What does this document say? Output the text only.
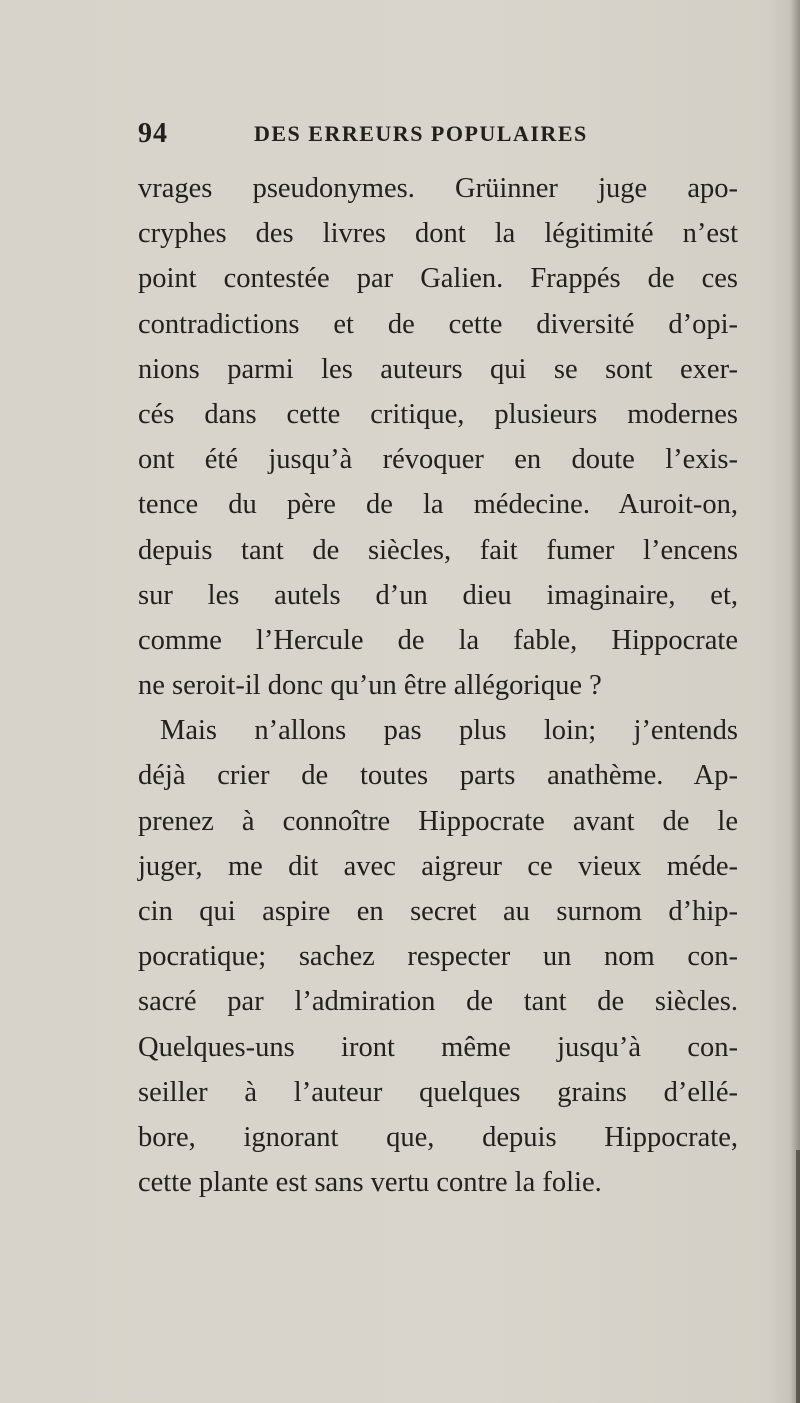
94	DES ERREURS POPULAIRES
vrages pseudonymes. Grüinner juge apo-
cryphes des livres dont la légitimité n’est
point contestée par Galien. Frappés de ces
contradictions et de cette diversité d’opi-
nions parmi les auteurs qui se sont exer-
cés dans cette critique, plusieurs modernes
ont été jusqu’à révoquer en doute l’exis-
tence du père de la médecine. Auroit-on,
depuis tant de siècles, fait fumer l’encens
sur les autels d’un dieu imaginaire, et,
comme l’Hercule de la fable, Hippocrate
ne seroit-il donc qu’un être allégorique ?
Mais n’allons pas plus loin; j’entends
déjà crier de toutes parts anathème. Ap-
prenez à connoître Hippocrate avant de le
juger, me dit avec aigreur ce vieux méde-
cin qui aspire en secret au surnom d’hip-
pocratique; sachez respecter un nom con-
sacré par l’admiration de tant de siècles.
Quelques-uns iront même jusqu’à con-
seiller à l’auteur quelques grains d’ellé-
bore, ignorant que, depuis Hippocrate,
cette plante est sans vertu contre la folie.
